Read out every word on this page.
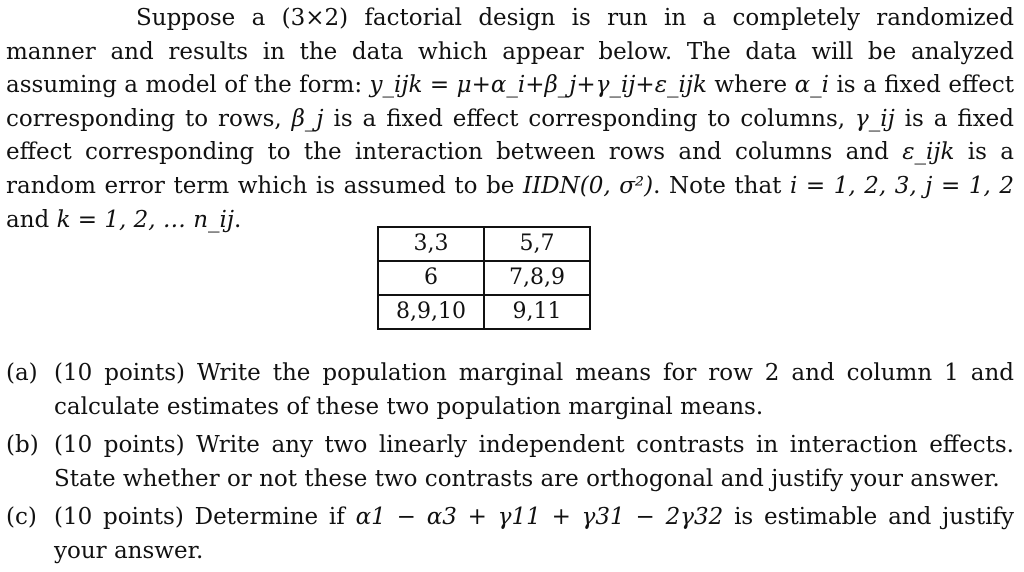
Suppose a (3×2) factorial design is run in a completely randomized manner and results in the data which appear below. The data will be analyzed assuming a model of the form: y_ijk = μ+α_i+β_j+γ_ij+ε_ijk where α_i is a fixed effect corresponding to rows, β_j is a fixed effect corresponding to columns, γ_ij is a fixed effect corresponding to the interaction between rows and columns and ε_ijk is a random error term which is assumed to be IIDN(0, σ²). Note that i = 1, 2, 3, j = 1, 2 and k = 1, 2, … n_ij.
3,3	5,7
6	7,8,9
8,9,10	9,11
(a) (10 points) Write the population marginal means for row 2 and column 1 and calculate estimates of these two population marginal means.
(b) (10 points) Write any two linearly independent contrasts in interaction effects. State whether or not these two contrasts are orthogonal and justify your answer.
(c) (10 points) Determine if α1 − α3 + γ11 + γ31 − 2γ32 is estimable and justify your answer.
